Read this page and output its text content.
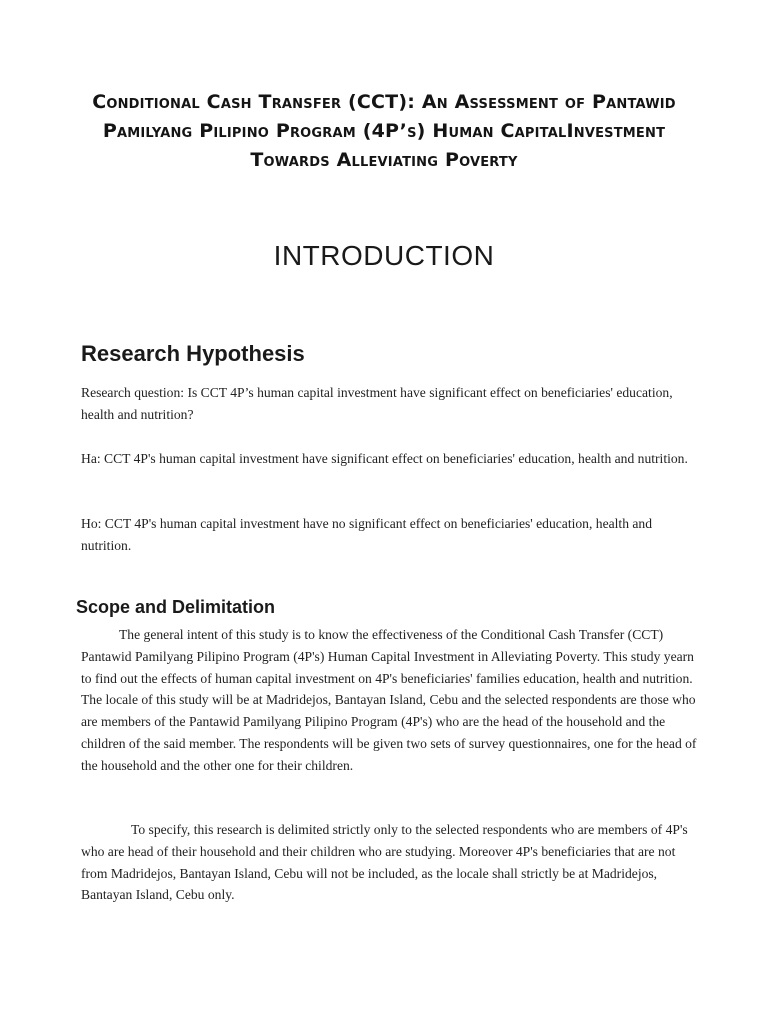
Conditional Cash Transfer (CCT): An Assessment of Pantawid Pamilyang Pilipino Program (4P’s) Human CapitalInvestment Towards Alleviating Poverty
INTRODUCTION
Research Hypothesis

Research question: Is CCT 4P’s human capital investment have significant effect on beneficiaries' education, health and nutrition?

Ha: CCT 4P's human capital investment have significant effect on beneficiaries' education, health and nutrition.

Ho: CCT 4P's human capital investment have no significant effect on beneficiaries' education, health and nutrition.

Scope and Delimitation

The general intent of this study is to know the effectiveness of the Conditional Cash Transfer (CCT) Pantawid Pamilyang Pilipino Program (4P's) Human Capital Investment in Alleviating Poverty. This study yearn to find out the effects of human capital investment on 4P's beneficiaries' families education, health and nutrition. The locale of this study will be at Madridejos, Bantayan Island, Cebu and the selected respondents are those who are members of the Pantawid Pamilyang Pilipino Program (4P's) who are the head of the household and the children of the said member. The respondents will be given two sets of survey questionnaires, one for the head of the household and the other one for their children.

To specify, this research is delimited strictly only to the selected respondents who are members of 4P's who are head of their household and their children who are studying. Moreover 4P's beneficiaries that are not from Madridejos, Bantayan Island, Cebu will not be included, as the locale shall strictly be at Madridejos, Bantayan Island, Cebu only.
